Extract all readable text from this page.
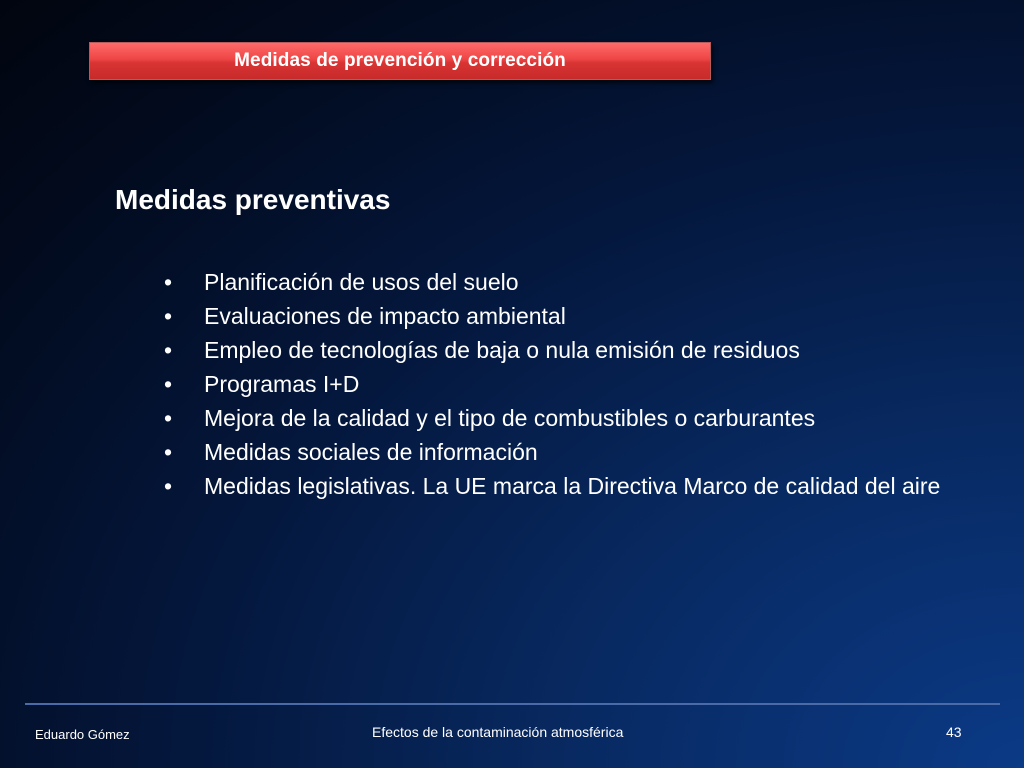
Medidas de prevención y corrección
Medidas preventivas
• Planificación de usos del suelo
• Evaluaciones de impacto ambiental
• Empleo de tecnologías de baja o nula emisión de residuos
• Programas I+D
• Mejora de la calidad y el tipo de combustibles o carburantes
• Medidas sociales de información
• Medidas legislativas. La UE marca la Directiva Marco de calidad del aire
Eduardo Gómez	Efectos de la contaminación atmosférica	43
